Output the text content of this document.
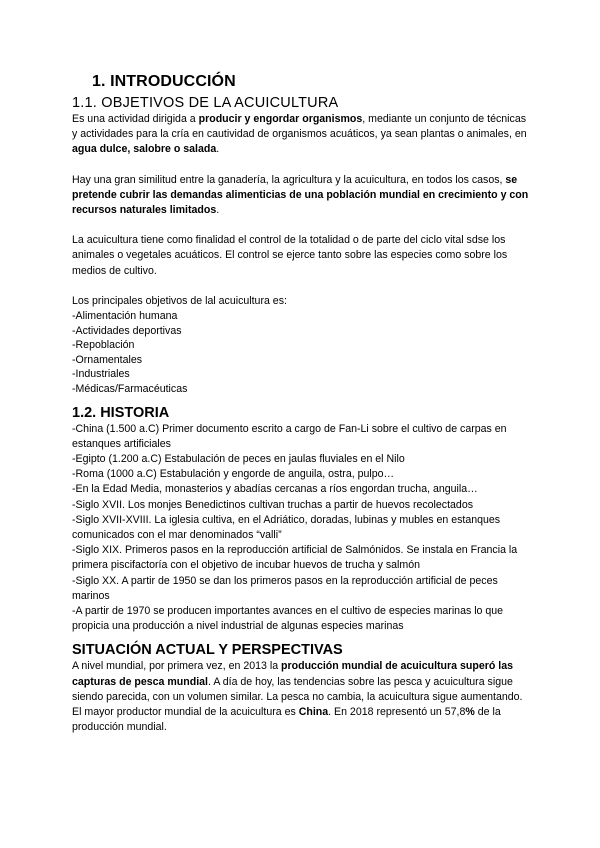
1. INTRODUCCIÓN
1.1. OBJETIVOS DE LA ACUICULTURA

Es una actividad dirigida a producir y engordar organismos, mediante un conjunto de técnicas y actividades para la cría en cautividad de organismos acuáticos, ya sean plantas o animales, en agua dulce, salobre o salada.

Hay una gran similitud entre la ganadería, la agricultura y la acuicultura, en todos los casos, se pretende cubrir las demandas alimenticias de una población mundial en crecimiento y con recursos naturales limitados.

La acuicultura tiene como finalidad el control de la totalidad o de parte del ciclo vital sdse los animales o vegetales acuáticos. El control se ejerce tanto sobre las especies como sobre los medios de cultivo.

Los principales objetivos de lal acuicultura es:

-Alimentación humana
-Actividades deportivas
-Repoblación
-Ornamentales
-Industriales
-Médicas/Farmacéuticas
1.2. HISTORIA

-China (1.500 a.C) Primer documento escrito a cargo de Fan-Li sobre el cultivo de carpas en estanques artificiales

-Egipto (1.200 a.C) Estabulación de peces en jaulas fluviales en el Nilo

-Roma (1000 a.C) Estabulación y engorde de anguila, ostra, pulpo…

-En la Edad Media, monasterios y abadías cercanas a ríos engordan trucha, anguila…

-Siglo XVII. Los monjes Benedictinos cultivan truchas a partir de huevos recolectados

-Siglo XVII-XVIII. La iglesia cultiva, en el Adriático, doradas, lubinas y mubles en estanques comunicados con el mar denominados “valli”

-Siglo XIX. Primeros pasos en la reproducción artificial de Salmónidos. Se instala en Francia la primera piscifactoría con el objetivo de incubar huevos de trucha y salmón

-Siglo XX. A partir de 1950 se dan los primeros pasos en la reproducción artificial de peces marinos

-A partir de 1970 se producen importantes avances en el cultivo de especies marinas lo que propicia una producción a nivel industrial de algunas especies marinas

SITUACIÓN ACTUAL Y PERSPECTIVAS

A nivel mundial, por primera vez, en 2013 la producción mundial de acuicultura superó las capturas de pesca mundial. A día de hoy, las tendencias sobre las pesca y acuicultura sigue siendo parecida, con un volumen similar. La pesca no cambia, la acuicultura sigue aumentando.

El mayor productor mundial de la acuicultura es China. En 2018 representó un 57,8% de la producción mundial.
